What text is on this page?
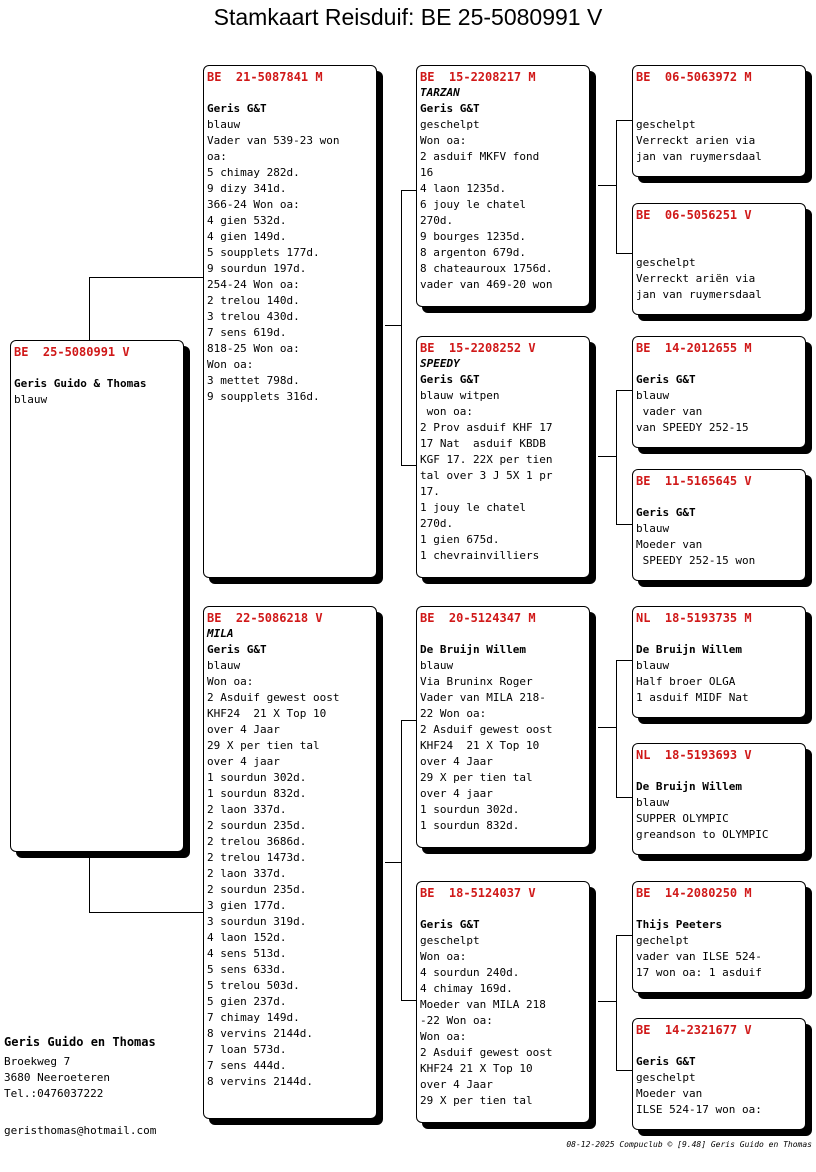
Stamkaart Reisduif: BE 25-5080991 V
BE  25-5080991 V
Geris Guido & Thomas
blauw
BE  21-5087841 M
Geris G&T
blauw
Vader van 539-23 won
oa:
5 chimay 282d.
9 dizy 341d.
366-24 Won oa:
4 gien 532d.
4 gien 149d.
5 soupplets 177d.
9 sourdun 197d.
254-24 Won oa:
2 trelou 140d.
3 trelou 430d.
7 sens 619d.
818-25 Won oa:
Won oa:
3 mettet 798d.
9 soupplets 316d.
BE  22-5086218 V
MILA
Geris G&T
blauw
Won oa:
2 Asduif gewest oost
KHF24  21 X Top 10
over 4 Jaar
29 X per tien tal
over 4 jaar
1 sourdun 302d.
1 sourdun 832d.
2 laon 337d.
2 sourdun 235d.
2 trelou 3686d.
2 trelou 1473d.
2 laon 337d.
2 sourdun 235d.
3 gien 177d.
3 sourdun 319d.
4 laon 152d.
4 sens 513d.
5 sens 633d.
5 trelou 503d.
5 gien 237d.
7 chimay 149d.
8 vervins 2144d.
7 loan 573d.
7 sens 444d.
8 vervins 2144d.
BE  15-2208217 M
TARZAN
Geris G&T
geschelpt
Won oa:
2 asduif MKFV fond
16
4 laon 1235d.
6 jouy le chatel
270d.
9 bourges 1235d.
8 argenton 679d.
8 chateauroux 1756d.
vader van 469-20 won
BE  15-2208252 V
SPEEDY
Geris G&T
blauw witpen
won oa:
2 Prov asduif KHF 17
17 Nat  asduif KBDB
KGF 17. 22X per tien
tal over 3 J 5X 1 pr
17.
1 jouy le chatel
270d.
1 gien 675d.
1 chevrainvilliers
BE  20-5124347 M
De Bruijn Willem
blauw
Via Bruninx Roger
Vader van MILA 218-
22 Won oa:
2 Asduif gewest oost
KHF24  21 X Top 10
over 4 Jaar
29 X per tien tal
over 4 jaar
1 sourdun 302d.
1 sourdun 832d.
BE  18-5124037 V
Geris G&T
geschelpt
Won oa:
4 sourdun 240d.
4 chimay 169d.
Moeder van MILA 218
-22 Won oa:
Won oa:
2 Asduif gewest oost
KHF24 21 X Top 10
over 4 Jaar
29 X per tien tal
BE  06-5063972 M
geschelpt
Verreckt arien via
jan van ruymersdaal
BE  06-5056251 V
geschelpt
Verreckt ariën via
jan van ruymersdaal
BE  14-2012655 M
Geris G&T
blauw
vader van
van SPEEDY 252-15
BE  11-5165645 V
Geris G&T
blauw
Moeder van
SPEEDY 252-15 won
NL  18-5193735 M
De Bruijn Willem
blauw
Half broer OLGA
1 asduif MIDF Nat
NL  18-5193693 V
De Bruijn Willem
blauw
SUPPER OLYMPIC
greandson to OLYMPIC
BE  14-2080250 M
Thijs Peeters
gechelpt
vader van ILSE 524-
17 won oa: 1 asduif
BE  14-2321677 V
Geris G&T
geschelpt
Moeder van
ILSE 524-17 won oa:
Geris Guido en Thomas
Broekweg 7
3680 Neeroeteren
Tel.:0476037222
geristhomas@hotmail.com
08-12-2025 Compuclub © [9.48] Geris Guido en Thomas
